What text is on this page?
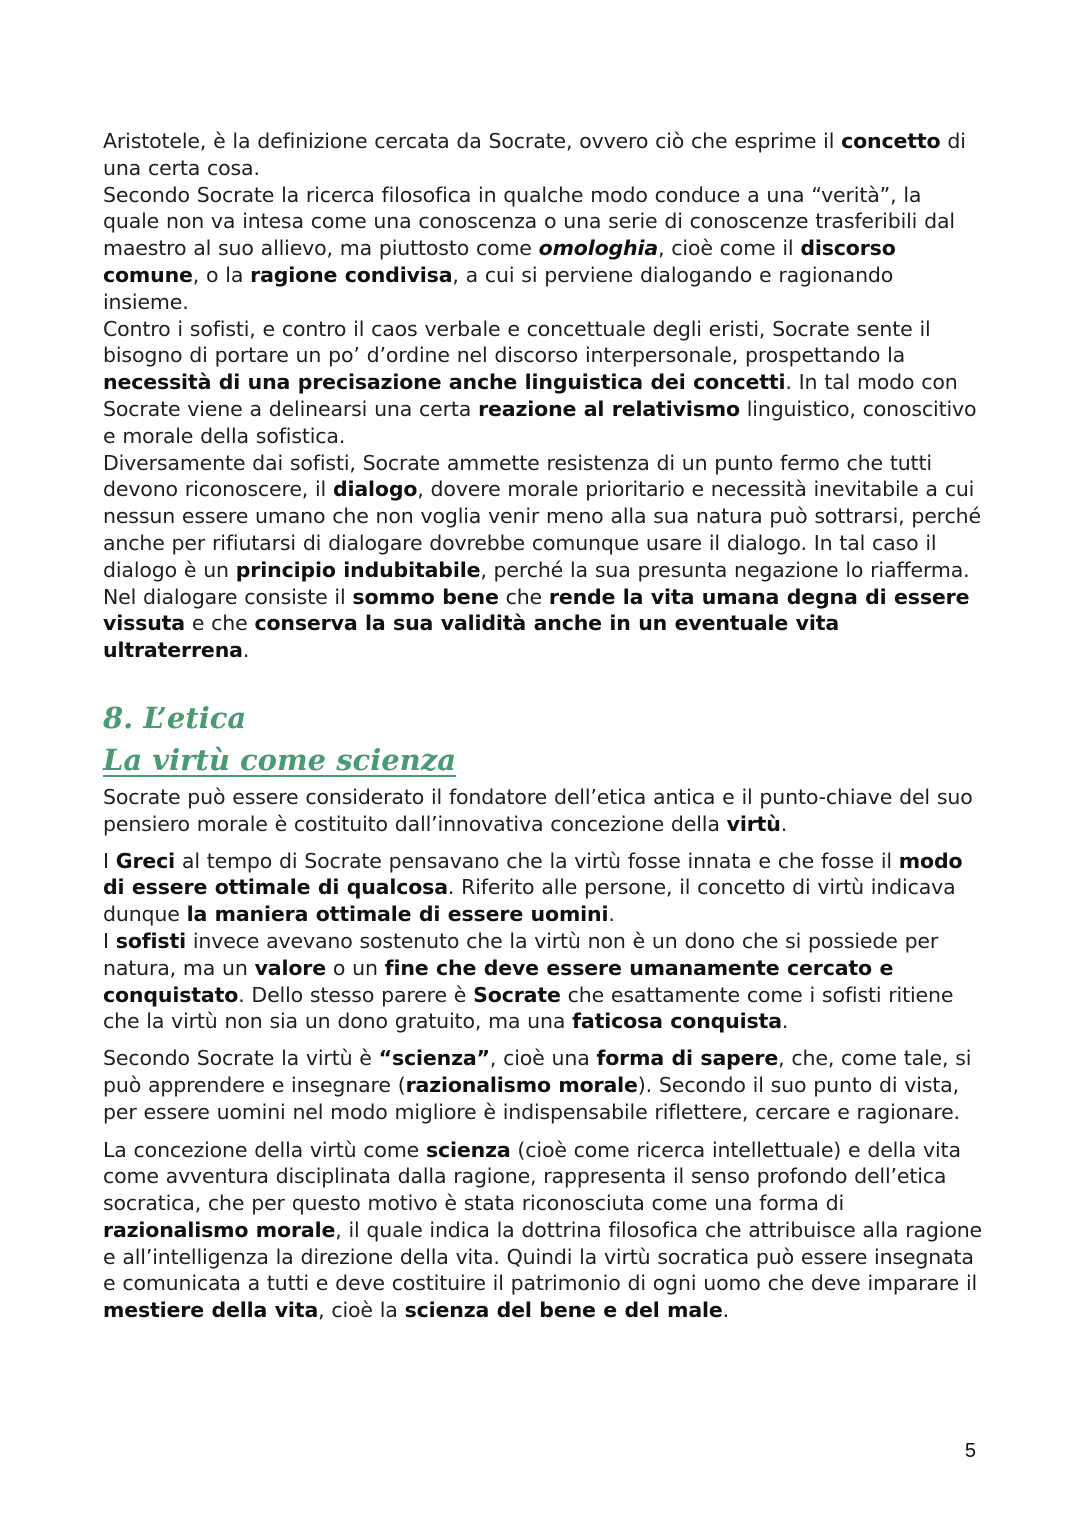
Aristotele, è la definizione cercata da Socrate, ovvero ciò che esprime il concetto di una certa cosa.

Secondo Socrate la ricerca filosofica in qualche modo conduce a una “verità”, la quale non va intesa come una conoscenza o una serie di conoscenze trasferibili dal maestro al suo allievo, ma piuttosto come omologhia, cioè come il discorso comune, o la ragione condivisa, a cui si perviene dialogando e ragionando insieme.

Contro i sofisti, e contro il caos verbale e concettuale degli eristi, Socrate sente il bisogno di portare un po’ d’ordine nel discorso interpersonale, prospettando la necessità di una precisazione anche linguistica dei concetti. In tal modo con Socrate viene a delinearsi una certa reazione al relativismo linguistico, conoscitivo e morale della sofistica.

Diversamente dai sofisti, Socrate ammette resistenza di un punto fermo che tutti devono riconoscere, il dialogo, dovere morale prioritario e necessità inevitabile a cui nessun essere umano che non voglia venir meno alla sua natura può sottrarsi, perché anche per rifiutarsi di dialogare dovrebbe comunque usare il dialogo. In tal caso il dialogo è un principio indubitabile, perché la sua presunta negazione lo riafferma. Nel dialogare consiste il sommo bene che rende la vita umana degna di essere vissuta e che conserva la sua validità anche in un eventuale vita ultraterrena.

8. L’etica
La virtù come scienza

Socrate può essere considerato il fondatore dell’etica antica e il punto-chiave del suo pensiero morale è costituito dall’innovativa concezione della virtù.

I Greci al tempo di Socrate pensavano che la virtù fosse innata e che fosse il modo di essere ottimale di qualcosa. Riferito alle persone, il concetto di virtù indicava dunque la maniera ottimale di essere uomini.

I sofisti invece avevano sostenuto che la virtù non è un dono che si possiede per natura, ma un valore o un fine che deve essere umanamente cercato e conquistato. Dello stesso parere è Socrate che esattamente come i sofisti ritiene che la virtù non sia un dono gratuito, ma una faticosa conquista.

Secondo Socrate la virtù è “scienza”, cioè una forma di sapere, che, come tale, si può apprendere e insegnare (razionalismo morale). Secondo il suo punto di vista, per essere uomini nel modo migliore è indispensabile riflettere, cercare e ragionare.

La concezione della virtù come scienza (cioè come ricerca intellettuale) e della vita come avventura disciplinata dalla ragione, rappresenta il senso profondo dell’etica socratica, che per questo motivo è stata riconosciuta come una forma di razionalismo morale, il quale indica la dottrina filosofica che attribuisce alla ragione e all’intelligenza la direzione della vita. Quindi la virtù socratica può essere insegnata e comunicata a tutti e deve costituire il patrimonio di ogni uomo che deve imparare il mestiere della vita, cioè la scienza del bene e del male.

5
